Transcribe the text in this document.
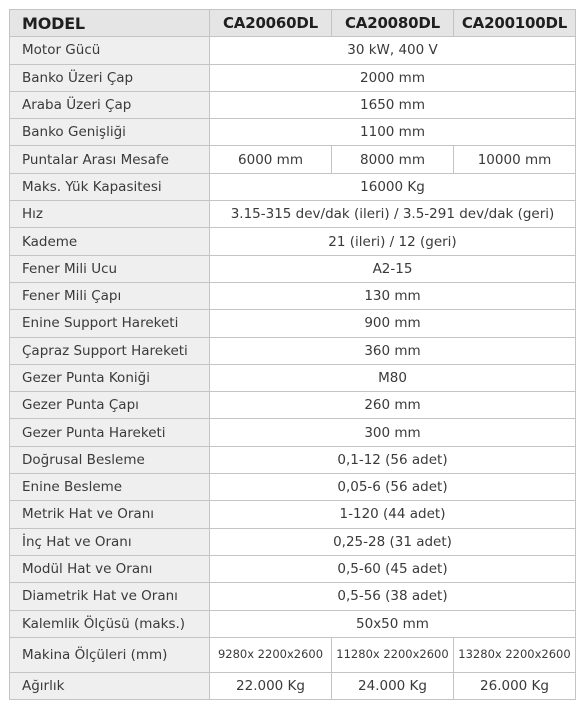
MODEL	CA20060DL	CA20080DL	CA200100DL
Motor Gücü	30 kW, 400 V		
Banko Üzeri Çap	2000 mm		
Araba Üzeri Çap	1650 mm		
Banko Genişliği	1100 mm		
Puntalar Arası Mesafe	6000 mm	8000 mm	10000 mm
Maks. Yük Kapasitesi	16000 Kg		
Hız	3.15-315 dev/dak (ileri) / 3.5-291 dev/dak (geri)		
Kademe	21 (ileri) / 12 (geri)		
Fener Mili Ucu	A2-15		
Fener Mili Çapı	130 mm		
Enine Support Hareketi	900 mm		
Çapraz Support Hareketi	360 mm		
Gezer Punta Koniği	M80		
Gezer Punta Çapı	260 mm		
Gezer Punta Hareketi	300 mm		
Doğrusal Besleme	0,1-12 (56 adet)		
Enine Besleme	0,05-6 (56 adet)		
Metrik Hat ve Oranı	1-120 (44 adet)		
İnç Hat ve Oranı	0,25-28 (31 adet)		
Modül Hat ve Oranı	0,5-60 (45 adet)		
Diametrik Hat ve Oranı	0,5-56 (38 adet)		
Kalemlik Ölçüsü (maks.)	50x50 mm		
Makina Ölçüleri (mm)	9280x 2200x2600	11280x 2200x2600	13280x 2200x2600
Ağırlık	22.000 Kg	24.000 Kg	26.000 Kg
